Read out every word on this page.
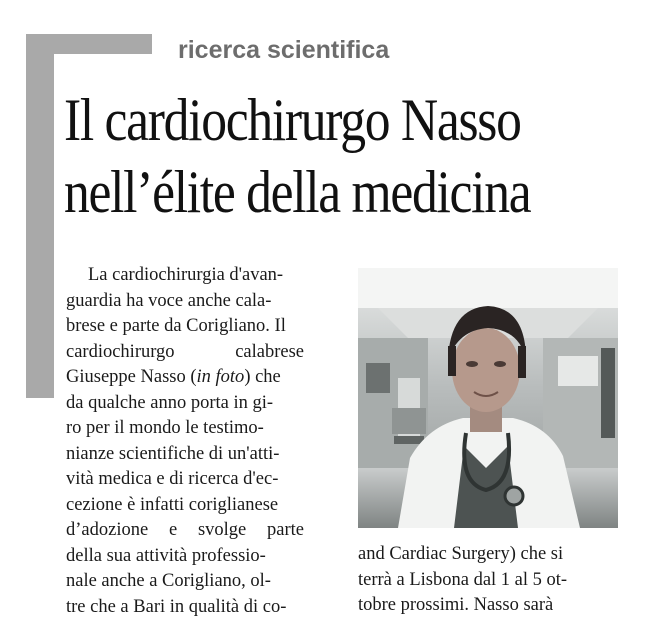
ricerca scientifica
Il cardiochirurgo Nasso
nell’élite della medicina
La cardiochirurgia d'avan-
guardia ha voce anche cala-
brese e parte da Corigliano. Il
cardiochirurgo	calabrese
Giuseppe Nasso (in foto) che
da qualche anno porta in gi-
ro per il mondo le testimo-
nianze scientifiche di un'atti-
vità medica e di ricerca d'ec-
cezione è infatti coriglianese
d’adozione e svolge parte
della sua attività professio-
nale anche a Corigliano, ol-
tre che a Bari in qualità di co-
and Cardiac Surgery) che si
terrà a Lisbona dal 1 al 5 ot-
tobre prossimi. Nasso sarà
